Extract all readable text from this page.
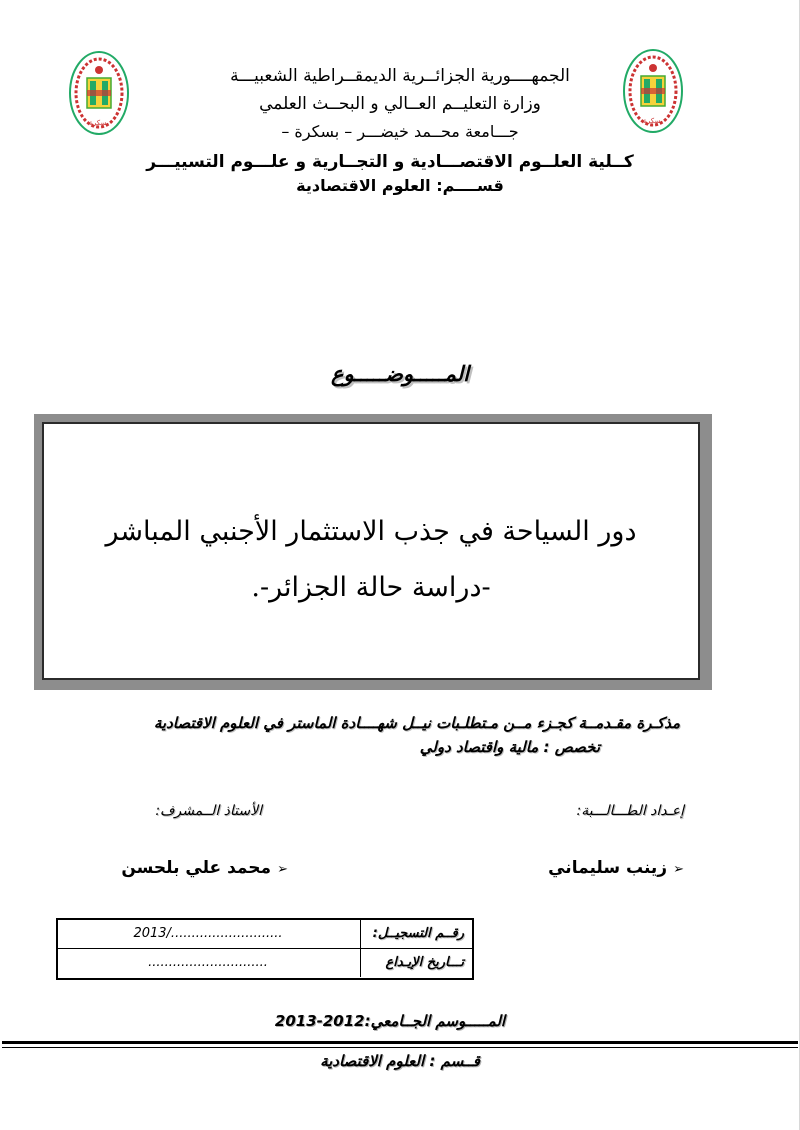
بسكرة	بسكرة
الجمهــــورية الجزائــرية الديمقــراطية الشعبيـــة
وزارة التعليــم العــالي و البحــث العلمي
جـــامعة محــمد خيضـــر – بسكرة –
كــلية العلــوم الاقتصـــادية و التجــارية و علـــوم التسييـــر
قســــم: العلوم الاقتصادية
المـــــوضـــــوع
دور السياحة في جذب الاستثمار الأجنبي المباشر
-دراسة حالة الجزائر-.
مذكـرة مقـدمــة كجـزء مــن مـتطلـبات نيــل شهــــادة الماستر في العلوم الاقتصادية
تخصص : مالية واقتصاد دولي
إعـداد الطـــالـــبة:
الأستاذ الــمشرف:
➢زينب سليماني
➢محمد علي بلحسن
رقــم التسجيــل:
2013/...........................
تـــاريخ الإيـداع
.............................
المـــــوسم الجــامعي:2012-2013
قــسم : العلوم الاقتصادية
